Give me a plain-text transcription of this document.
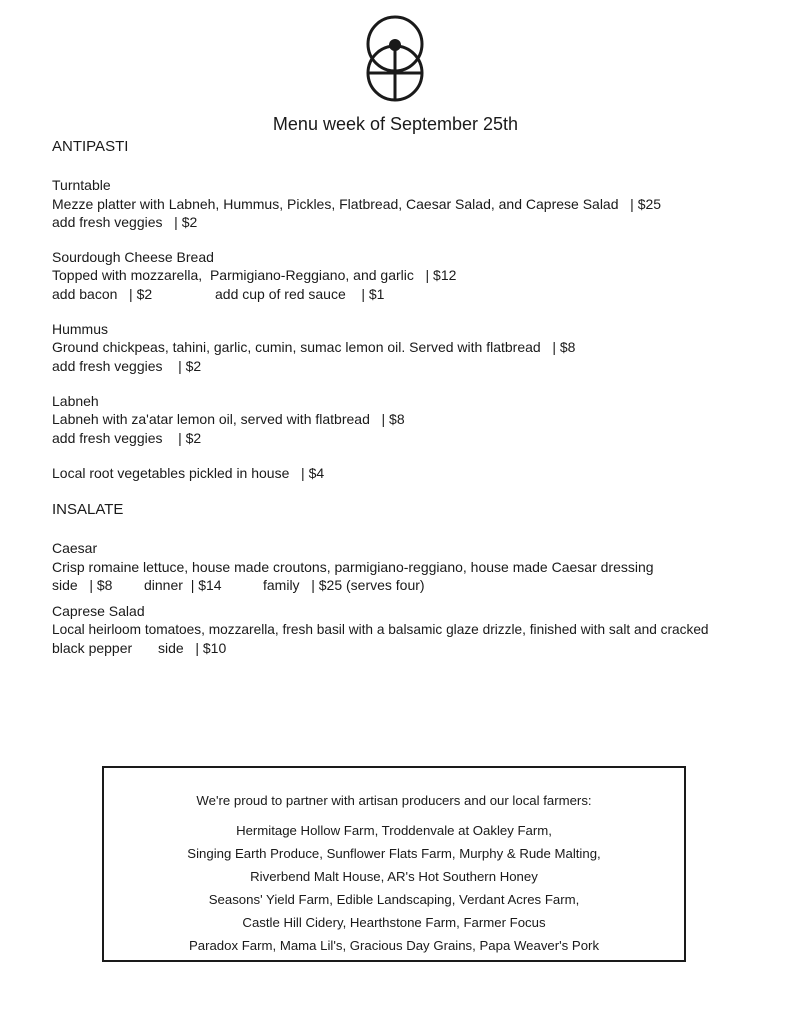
Menu week of September 25th
ANTIPASTI
Turntable
Mezze platter with Labneh, Hummus, Pickles, Flatbread, Caesar Salad, and Caprese Salad   | $25
add fresh veggies   | $2
Sourdough Cheese Bread
Topped with mozzarella,  Parmigiano-Reggiano, and garlic   | $12
add bacon   | $2	add cup of red sauce    | $1
Hummus
Ground chickpeas, tahini, garlic, cumin, sumac lemon oil. Served with flatbread   | $8
add fresh veggies    | $2
Labneh
Labneh with za'atar lemon oil, served with flatbread   | $8
add fresh veggies    | $2
Local root vegetables pickled in house   | $4
INSALATE
Caesar
Crisp romaine lettuce, house made croutons, parmigiano-reggiano, house made Caesar dressing
side   | $8 dinner  | $14	family   | $25 (serves four)
Caprese Salad
Local heirloom tomatoes, mozzarella, fresh basil with a balsamic glaze drizzle, finished with salt and cracked
black pepper side   | $10
We're proud to partner with artisan producers and our local farmers:
Hermitage Hollow Farm, Troddenvale at Oakley Farm,
Singing Earth Produce, Sunflower Flats Farm, Murphy & Rude Malting,
Riverbend Malt House, AR's Hot Southern Honey
Seasons' Yield Farm, Edible Landscaping, Verdant Acres Farm,
Castle Hill Cidery, Hearthstone Farm, Farmer Focus
Paradox Farm, Mama Lil's, Gracious Day Grains, Papa Weaver's Pork
